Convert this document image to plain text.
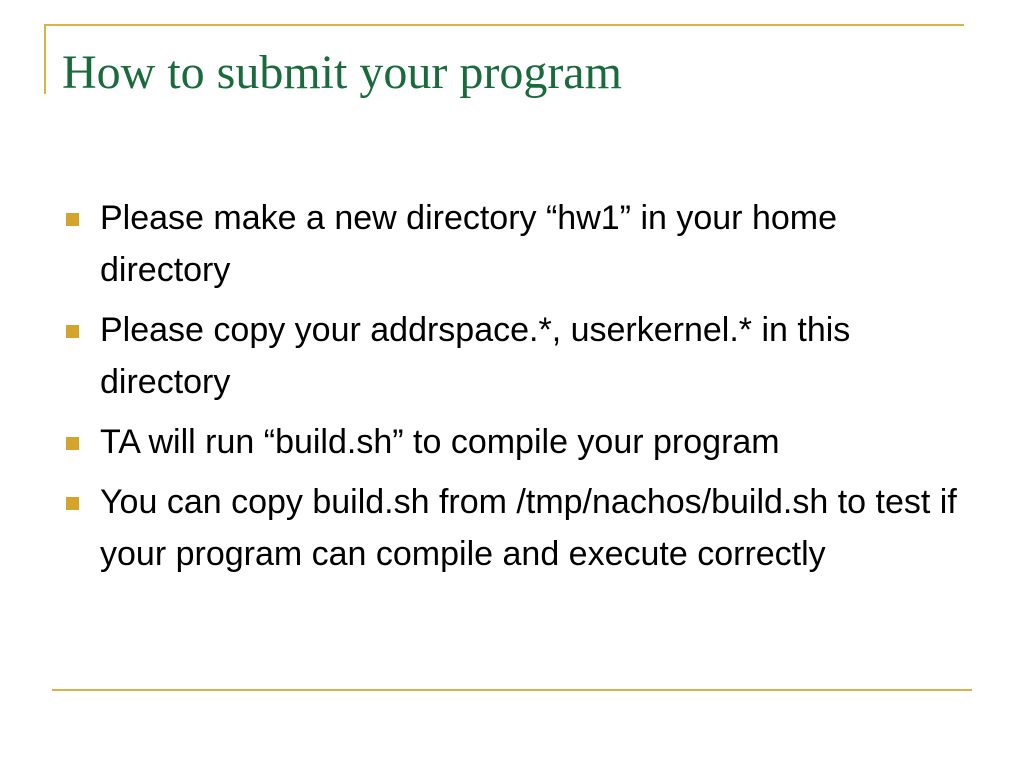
How to submit your program
Please make a new directory “hw1” in your home directory
Please copy your addrspace.*, userkernel.* in this directory
TA will run “build.sh” to compile your program
You can copy build.sh from /tmp/nachos/build.sh to test if your program can compile and execute correctly
